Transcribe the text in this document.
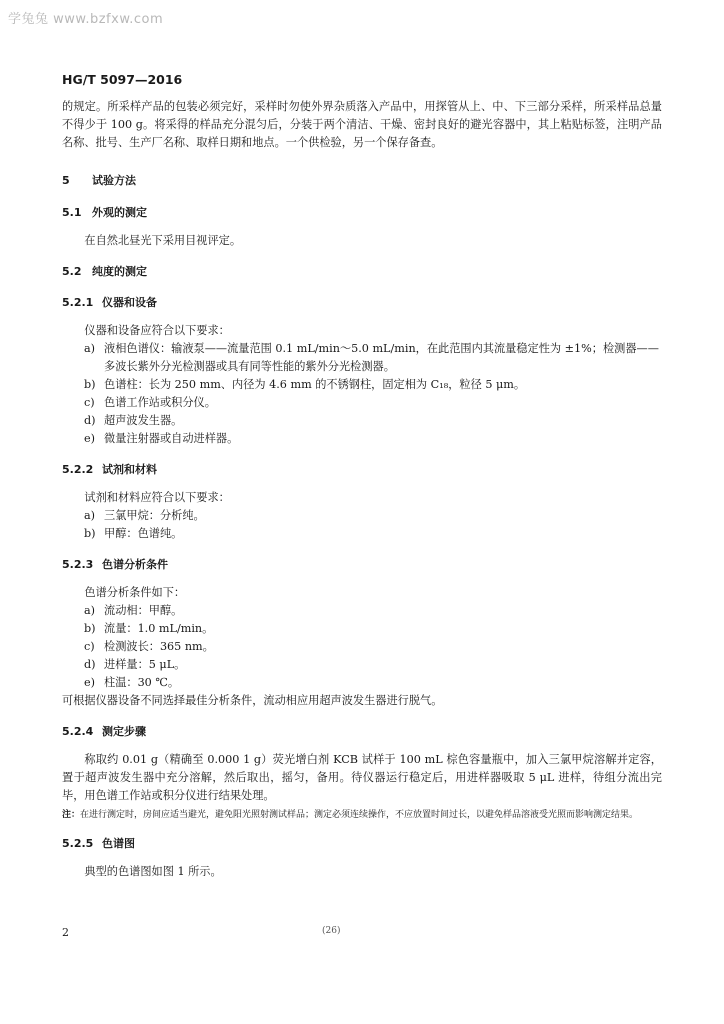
学兔兔 www.bzfxw.com
HG/T 5097—2016

的规定。所采样产品的包装必须完好，采样时勿使外界杂质落入产品中，用探管从上、中、下三部分采样，所采样品总量不得少于 100 g。将采得的样品充分混匀后，分装于两个清洁、干燥、密封良好的避光容器中，其上粘贴标签，注明产品名称、批号、生产厂名称、取样日期和地点。一个供检验，另一个保存备查。

5 试验方法
5.1 外观的测定

在自然北昼光下采用目视评定。

5.2 纯度的测定
5.2.1 仪器和设备

仪器和设备应符合以下要求：

a) 液相色谱仪：输液泵——流量范围 0.1 mL/min～5.0 mL/min，在此范围内其流量稳定性为 ±1%；检测器——多波长紫外分光检测器或具有同等性能的紫外分光检测器。
b) 色谱柱：长为 250 mm、内径为 4.6 mm 的不锈钢柱，固定相为 C₁₈，粒径 5 μm。
c) 色谱工作站或积分仪。
d) 超声波发生器。
e) 微量注射器或自动进样器。
5.2.2 试剂和材料

试剂和材料应符合以下要求：

a) 三氯甲烷：分析纯。
b) 甲醇：色谱纯。
5.2.3 色谱分析条件

色谱分析条件如下：

a) 流动相：甲醇。
b) 流量：1.0 mL/min。
c) 检测波长：365 nm。
d) 进样量：5 μL。
e) 柱温：30 ℃。

可根据仪器设备不同选择最佳分析条件，流动相应用超声波发生器进行脱气。

5.2.4 测定步骤

称取约 0.01 g（精确至 0.000 1 g）荧光增白剂 KCB 试样于 100 mL 棕色容量瓶中，加入三氯甲烷溶解并定容，置于超声波发生器中充分溶解，然后取出，摇匀，备用。待仪器运行稳定后，用进样器吸取 5 μL 进样，待组分流出完毕，用色谱工作站或积分仪进行结果处理。

注：在进行测定时，房间应适当避光，避免阳光照射测试样品；测定必须连续操作，不应放置时间过长，以避免样品溶液受光照而影响测定结果。
5.2.5 色谱图

典型的色谱图如图 1 所示。

2	(26)
